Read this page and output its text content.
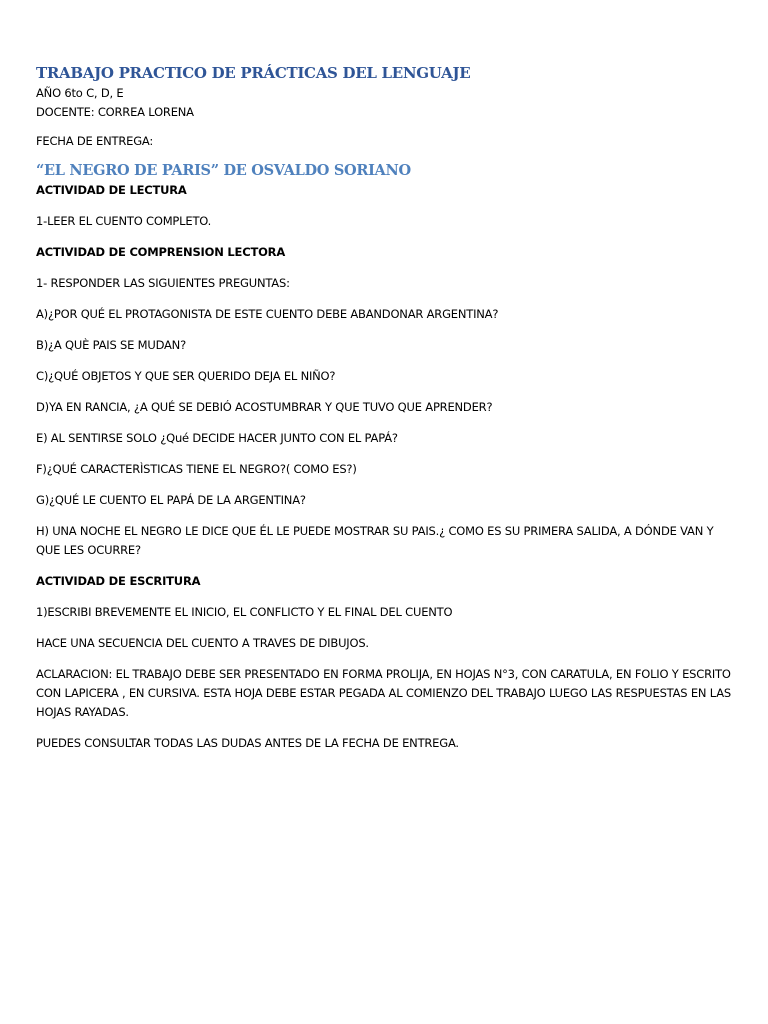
TRABAJO PRACTICO DE PRÁCTICAS DEL LENGUAJE

AÑO 6to C, D, E

DOCENTE: CORREA LORENA

FECHA DE ENTREGA:

“EL NEGRO DE PARIS” DE OSVALDO SORIANO

ACTIVIDAD DE LECTURA

1-LEER EL CUENTO COMPLETO.

ACTIVIDAD DE COMPRENSION LECTORA

1- RESPONDER LAS SIGUIENTES PREGUNTAS:

A)¿POR QUÉ EL PROTAGONISTA DE ESTE CUENTO DEBE ABANDONAR ARGENTINA?

B)¿A QUÈ PAIS SE MUDAN?

C)¿QUÉ OBJETOS Y QUE SER QUERIDO DEJA EL NIÑO?

D)YA EN RANCIA, ¿A QUÉ SE DEBIÓ ACOSTUMBRAR Y QUE TUVO QUE APRENDER?

E) AL SENTIRSE SOLO ¿Qué DECIDE HACER JUNTO CON EL PAPÁ?

F)¿QUÉ CARACTERÌSTICAS TIENE EL NEGRO?( COMO ES?)

G)¿QUÉ LE CUENTO EL PAPÁ DE LA ARGENTINA?

H) UNA NOCHE EL NEGRO LE DICE QUE ÉL LE PUEDE MOSTRAR SU PAIS.¿ COMO ES SU PRIMERA SALIDA, A DÓNDE VAN Y QUE LES OCURRE?

ACTIVIDAD DE ESCRITURA

1)ESCRIBI BREVEMENTE EL INICIO, EL CONFLICTO Y EL FINAL DEL CUENTO

HACE UNA SECUENCIA DEL CUENTO A TRAVES DE DIBUJOS.

ACLARACION: EL TRABAJO DEBE SER PRESENTADO EN FORMA PROLIJA, EN HOJAS N°3, CON CARATULA, EN FOLIO Y ESCRITO CON LAPICERA , EN CURSIVA. ESTA HOJA DEBE ESTAR PEGADA AL COMIENZO DEL TRABAJO LUEGO LAS RESPUESTAS EN LAS HOJAS RAYADAS.

PUEDES CONSULTAR TODAS LAS DUDAS ANTES DE LA FECHA DE ENTREGA.
